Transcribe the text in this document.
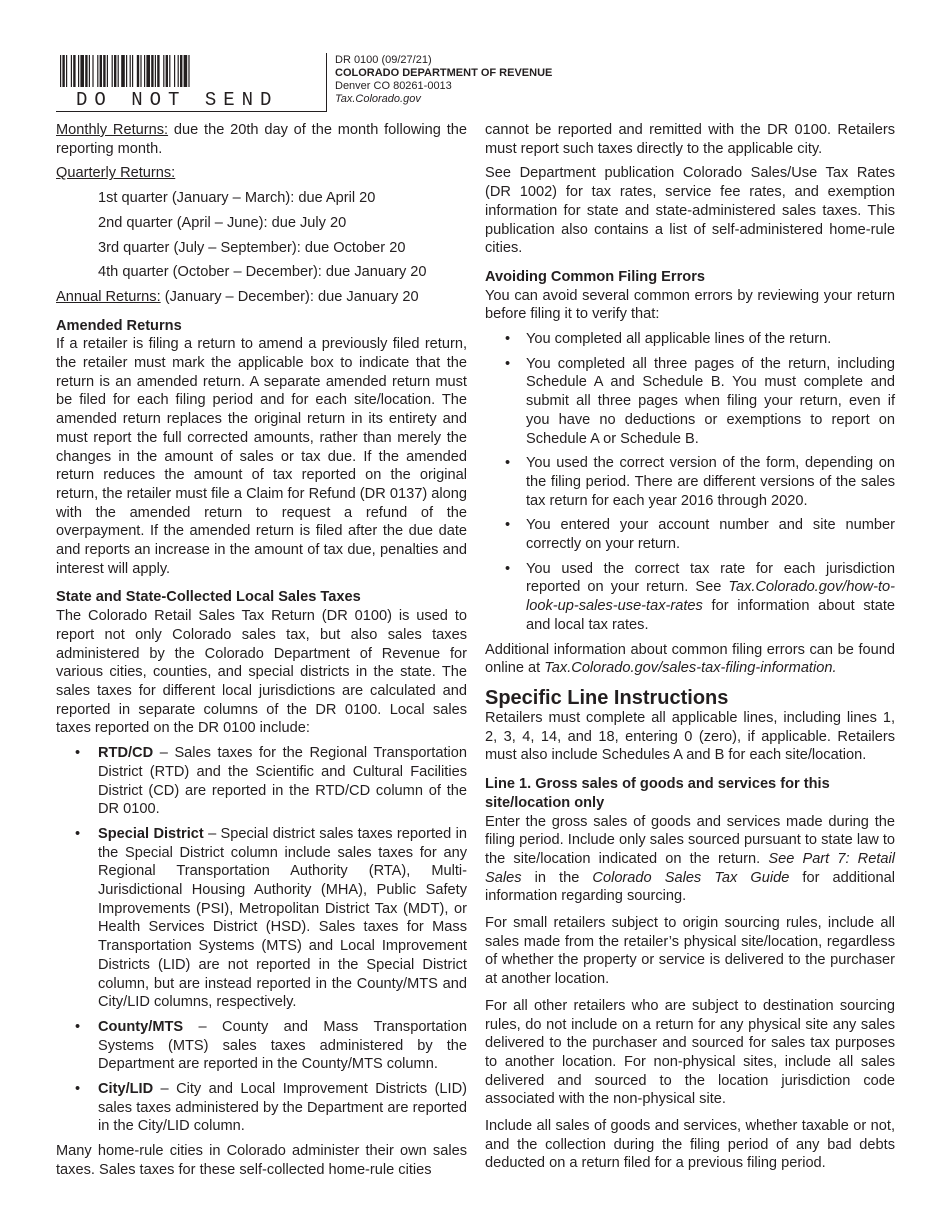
DO NOT SEND
DR 0100 (09/27/21)
COLORADO DEPARTMENT OF REVENUE
Denver CO 80261-0013
Tax.Colorado.gov

Monthly Returns: due the 20th day of the month following the reporting month.

Quarterly Returns:

1st quarter (January – March): due April 20

2nd quarter (April – June): due July 20

3rd quarter (July – September): due October 20

4th quarter (October – December): due January 20

Annual Returns: (January – December): due January 20

Amended Returns

If a retailer is filing a return to amend a previously filed return, the retailer must mark the applicable box to indicate that the return is an amended return. A separate amended return must be filed for each filing period and for each site/location. The amended return replaces the original return in its entirety and must report the full corrected amounts, rather than merely the changes in the amount of sales or tax due. If the amended return reduces the amount of tax reported on the original return, the retailer must file a Claim for Refund (DR 0137) along with the amended return to request a refund of the overpayment. If the amended return is filed after the due date and reports an increase in the amount of tax due, penalties and interest will apply.

State and State-Collected Local Sales Taxes

The Colorado Retail Sales Tax Return (DR 0100) is used to report not only Colorado sales tax, but also sales taxes administered by the Colorado Department of Revenue for various cities, counties, and special districts in the state. The sales taxes for different local jurisdictions are calculated and reported in separate columns of the DR 0100. Local sales taxes reported on the DR 0100 include:

• RTD/CD – Sales taxes for the Regional Transportation District (RTD) and the Scientific and Cultural Facilities District (CD) are reported in the RTD/CD column of the DR 0100.
• Special District – Special district sales taxes reported in the Special District column include sales taxes for any Regional Transportation Authority (RTA), Multi-Jurisdictional Housing Authority (MHA), Public Safety Improvements (PSI), Metropolitan District Tax (MDT), or Health Services District (HSD). Sales taxes for Mass Transportation Systems (MTS) and Local Improvement Districts (LID) are not reported in the Special District column, but are instead reported in the County/MTS and City/LID columns, respectively.
• County/MTS – County and Mass Transportation Systems (MTS) sales taxes administered by the Department are reported in the County/MTS column.
• City/LID – City and Local Improvement Districts (LID) sales taxes administered by the Department are reported in the City/LID column.

Many home-rule cities in Colorado administer their own sales taxes. Sales taxes for these self-collected home-rule cities

cannot be reported and remitted with the DR 0100. Retailers must report such taxes directly to the applicable city.

See Department publication Colorado Sales/Use Tax Rates (DR 1002) for tax rates, service fee rates, and exemption information for state and state-administered sales taxes. This publication also contains a list of self-administered home-rule cities.

Avoiding Common Filing Errors

You can avoid several common errors by reviewing your return before filing it to verify that:

• You completed all applicable lines of the return.
• You completed all three pages of the return, including Schedule A and Schedule B. You must complete and submit all three pages when filing your return, even if you have no deductions or exemptions to report on Schedule A or Schedule B.
• You used the correct version of the form, depending on the filing period. There are different versions of the sales tax return for each year 2016 through 2020.
• You entered your account number and site number correctly on your return.
• You used the correct tax rate for each jurisdiction reported on your return. See Tax.Colorado.gov/how-to-look-up-sales-use-tax-rates for information about state and local tax rates.

Additional information about common filing errors can be found online at Tax.Colorado.gov/sales-tax-filing-information.

Specific Line Instructions

Retailers must complete all applicable lines, including lines 1, 2, 3, 4, 14, and 18, entering 0 (zero), if applicable. Retailers must also include Schedules A and B for each site/location.

Line 1. Gross sales of goods and services for this site/location only

Enter the gross sales of goods and services made during the filing period. Include only sales sourced pursuant to state law to the site/location indicated on the return. See Part 7: Retail Sales in the Colorado Sales Tax Guide for additional information regarding sourcing.

For small retailers subject to origin sourcing rules, include all sales made from the retailer’s physical site/location, regardless of whether the property or service is delivered to the purchaser at another location.

For all other retailers who are subject to destination sourcing rules, do not include on a return for any physical site any sales delivered to the purchaser and sourced for sales tax purposes to another location. For non-physical sites, include all sales delivered and sourced to the location jurisdiction code associated with the non-physical site.

Include all sales of goods and services, whether taxable or not, and the collection during the filing period of any bad debts deducted on a return filed for a previous filing period.
